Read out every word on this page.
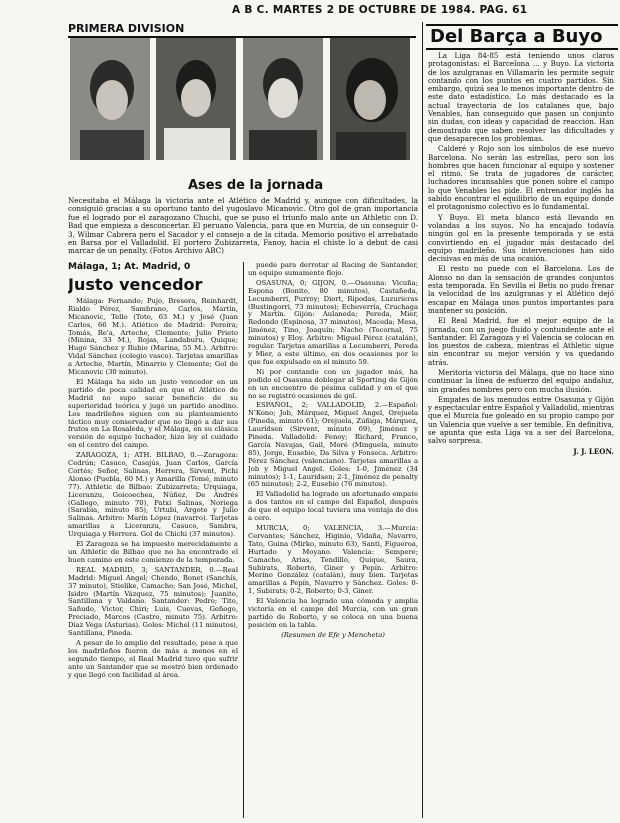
A B C. MARTES 2 DE OCTUBRE DE 1984. PAG. 61
PRIMERA DIVISION
Ases de la jornada
Necesitaba el Málaga la victoria ante el Atlético de Madrid y, aunque con dificultades, la consiguió gracias a su oportuno tanto del yugoslavo Micanovic. Otro gol de gran importancia fue el logrado por el zaragozano Chuchi, que se puso el triunfo malo ante un Athletic con D. Bad que empieza a desconcertar. El peruano Valencia, para que en Murcia, de un conseguir 0-3, Wilmar Cabrera pero el Sacador y el consejo a de la citada. Memorio positivo el arrebatado en Barsa por el Valladolid. El portero Zubizarreta, Fanoy, hacia el chiste lo a debut de casi marcar de un penalty. (Fotos Archivo ABC)

Málaga, 1; At. Madrid, 0

Justo vencedor

Málaga: Fernando; Pujo, Bresera, Reinhardt, Rialdo Pérez, Sambrano, Carlos, Martín, Micanovic, Tello (Toto, 63 M.) y José (Juan Carlos, 66 M.). Atlético de Madrid: Pereira; Tomás, Re'a, Arteche, Clemente; Julio Prieto (Minina, 33 M.), Rojas, Landaburu, Quique; Hugo Sánchez y Rubio (Marina, 55 M.). Arbitro: Vidal Sánchez (colegio vasco). Tarjetas amarillas a Arteche, Martín, Minarrio y Clemente; Gol de Micanovic (30 minuto).

El Málaga ha sido un justo vencedor en un partido de poca calidad en que el Atlético de Madrid no supo sacar beneficio de su superioridad teórica y jugó un partido anodino. Los madrileños siguen con su planteamiento táctico muy conservador que no llegó a dar sus frutos en La Rosaleda, y el Málaga, en su clásica versión de equipo luchador, hizo ley el cuidado en el centro del campo.

ZARAGOZA, 1; ATH. BILBAO, 0.—Zaragoza: Cedrún; Casuco, Casajús, Juan Carlos, García Cortés; Señor, Salinas, Herrera, Sirvent, Pichi Alonso (Puebla, 60 M.) y Amarilla (Tomé, minuto 77). Athletic de Bilbao: Zubizarreta; Urquiaga, Liceranzu, Goicoechea, Núñez, De Andrés (Gallego, minuto 70), Patxi Salinas, Noriega (Sarabia, minuto 85), Urtubi, Argote y Julio Salinas. Arbitro: Marín López (navarro). Tarjetas amarillas a Liceranzu, Casuco, Sambra, Urquiaga y Herrera. Gol de Chichi (37 minutos).

El Zaragoza se ha impuesto merecidamente a un Athletic de Bilbao que no ha encontrado el buen camino en este comienzo de la temporada.

REAL MADRID, 3; SANTANDER, 0.—Real Madrid: Miguel Angel; Chendo, Bonet (Sanchís, 37 minuto), Stielike, Camacho; San José, Michel, Isidro (Martín Vázquez, 75 minutos); Juanito, Santillana y Valdano. Santander: Pedro; Tito, Sañudo, Victor, Chiri; Luis, Cuevas, Geñogo, Preciado, Marcos (Castro, minuto 75). Arbitro: Díaz Vega (Asturias). Goles: Michel (11 minutos), Santillana, Pineda.

A pesar de lo amplio del resultado, pese a que los madrileños fueron de más a menos en el segundo tiempo, el Real Madrid tuvo que sufrir ante un Santander que se mostró bien ordenado y que llegó con facilidad al área.

puede para derrotar al Racing de Santander, un equipo sumamente flojo.

OSASUNA, 0; GIJON, 0.—Osasuna: Vicuña; Espona (Bonito, 80 minutos), Castañeda, Lecumberri, Purroy; Diort, Ripodas, Luzurieras (Bustingorri, 73 minutos); Echeverría, Cruchaga y Martín. Gijón: Aulaneda; Pereda, Mier, Redondo (Espinosa, 37 minutos), Maceda; Mesa, Jiménez, Tino, Joaquín; Nacho (Tocornal, 75 minutos) y Eloy. Arbitro: Miguel Pérez (catalán), regular. Tarjetas amarillas a Lecumberri, Pereda y Mier, a este último, en dos ocasiones por lo que fue expulsado en el minuto 59.

Ni por contando con un jugador más, ha podido el Osasuna doblegar al Sporting de Gijón en un encuentro de pésima calidad y en el que no se registró ocasiones de gol.

ESPAÑOL, 2; VALLADOLID, 2.—Español: N'Kono; Job, Márquez, Miguel Angel, Orejuela (Pineda, minuto 61); Orejuela, Zúñiga, Márquez, Lauridsen (Sirvent, minuto 69), Jiménez y Pineda. Valladolid: Fenoy; Richard, Franco, García Navajas, Gail, Moré (Minguela, minuto 85), Jorge, Eusebio, Da Silva y Fonseca. Arbitro: Pérez Sánchez (valenciano). Tarjetas amarillas a Job y Miguel Angel. Goles: 1-0, Jiménez (34 minutos); 1-1, Lauridsen; 2-1, Jiménez de penalty (65 minutos); 2-2, Eusebio (76 minutos).

El Valladolid ha logrado un afortunado empate a dos tantos en el campo del Español, después de que el equipo local tuviera una ventaja de dos a cero.

MURCIA, 0; VALENCIA, 3.—Murcia: Cervantes; Sánchez, Higinio, Vidaña, Navarro, Tato, Guina (Mirko, minuto 63), Santi, Figueroa, Hurtado y Moyano. Valencia: Sempere; Camacho, Arias, Tendillo, Quique, Saura, Subirats, Roberto, Giner y Pepín. Arbitro: Merino González (catalán), muy bien. Tarjetas amarillas a Pepín, Navarro y Sánchez. Goles: 0-1, Subirats; 0-2, Roberto; 0-3, Giner.

El Valencia ha logrado una cómoda y amplia victoria en el campo del Murcia, con un gran partido de Roberto, y se coloca en una buena posición en la tabla.

(Resumen de Efe y Mencheta)

Del Barça a Buyo

La Liga 84-85 está teniendo unos claros protagonistas: el Barcelona ... y Buyo. La victoria de los azulgranas en Villamarín les permite seguir contando con los puntos en cuatro partidos. Sin embargo, quizá sea lo menos importante dentro de este dato estadístico. Lo más destacado es la actual trayectoria de los catalanes que, bajo Venables, han conseguido que pasen un conjunto sin dudas, con ideas y capacidad de reacción. Han demostrado que saben resolver las dificultades y que desaparecen los problemas.

Calderé y Rojo son los símbolos de ese nuevo Barcelona. No serán las estrellas, pero son los hombres que hacen funcionar al equipo y sostener el ritmo. Se trata de jugadores de carácter, luchadores incansables que ponen sobre el campo lo que Venables les pide. El entrenador inglés ha sabido encontrar el equilibrio de un equipo donde el protagonismo colectivo es lo fundamental.

Y Buyo. El meta blanco está llevando en volandas a los suyos. No ha encajado todavía ningún gol en la presente temporada y se está convirtiendo en el jugador más destacado del equipo madrileño. Sus intervenciones han sido decisivas en más de una ocasión.

El resto no puede con el Barcelona. Los de Alonso no dan la sensación de grandes conjuntos esta temporada. En Sevilla el Betis no pudo frenar la velocidad de los azulgranas y el Atlético dejó escapar en Málaga unos puntos importantes para mantener su posición.

El Real Madrid, fue el mejor equipo de la jornada, con un juego fluido y contundente ante el Santander. El Zaragoza y el Valencia se colocan en los puestos de cabeza, mientras el Athletic sigue sin encontrar su mejor versión y va quedando atrás.

Meritoria victoria del Málaga, que no hace sino continuar la línea de esfuerzo del equipo andaluz, sin grandes nombres pero con mucha ilusión.

Empates de los menudos entre Osasuna y Gijón y espectacular entre Español y Valladolid, mientras que el Murcia fue goleado en su propio campo por un Valencia que vuelve a ser temible. En definitiva, se apunta que esta Liga va a ser del Barcelona, salvo sorpresa.

J. J. LEON.
